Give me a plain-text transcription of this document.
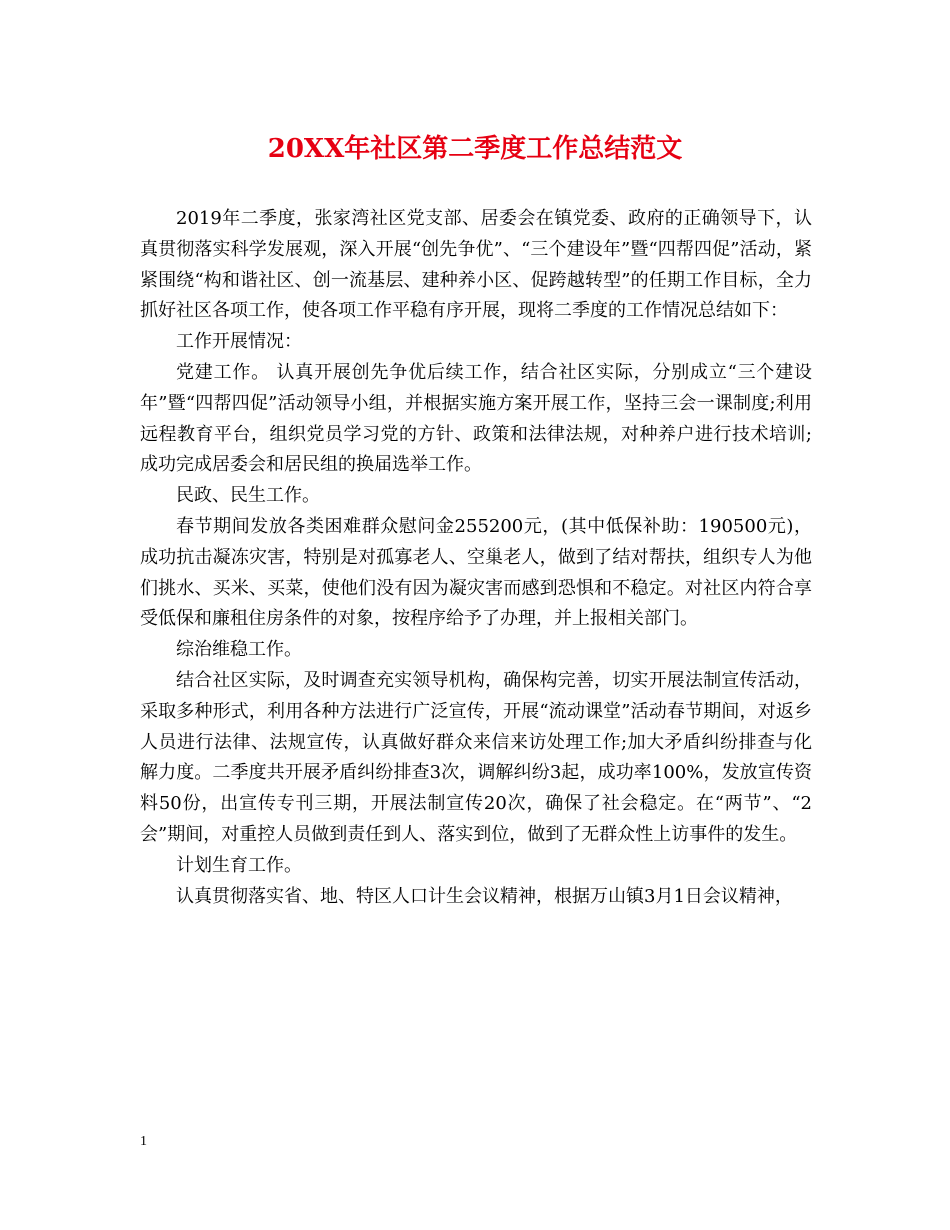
20XX年社区第二季度工作总结范文

2019年二季度，张家湾社区党支部、居委会在镇党委、政府的正确领导下，认真贯彻落实科学发展观，深入开展“创先争优”、“三个建设年”暨“四帮四促”活动，紧紧围绕“构和谐社区、创一流基层、建种养小区、促跨越转型”的任期工作目标，全力抓好社区各项工作，使各项工作平稳有序开展，现将二季度的工作情况总结如下：

工作开展情况：

党建工作。 认真开展创先争优后续工作，结合社区实际，分别成立“三个建设年”暨“四帮四促”活动领导小组，并根据实施方案开展工作，坚持三会一课制度;利用远程教育平台，组织党员学习党的方针、政策和法律法规，对种养户进行技术培训;成功完成居委会和居民组的换届选举工作。

民政、民生工作。

春节期间发放各类困难群众慰问金255200元，(其中低保补助：190500元)，成功抗击凝冻灾害，特别是对孤寡老人、空巢老人，做到了结对帮扶，组织专人为他们挑水、买米、买菜，使他们没有因为凝灾害而感到恐惧和不稳定。对社区内符合享受低保和廉租住房条件的对象，按程序给予了办理，并上报相关部门。

综治维稳工作。

结合社区实际，及时调查充实领导机构，确保构完善，切实开展法制宣传活动，采取多种形式，利用各种方法进行广泛宣传，开展“流动课堂”活动春节期间，对返乡人员进行法律、法规宣传，认真做好群众来信来访处理工作;加大矛盾纠纷排查与化解力度。二季度共开展矛盾纠纷排查3次，调解纠纷3起，成功率100%，发放宣传资料50份，出宣传专刊三期，开展法制宣传20次，确保了社会稳定。在“两节”、“2会”期间，对重控人员做到责任到人、落实到位，做到了无群众性上访事件的发生。

计划生育工作。

认真贯彻落实省、地、特区人口计生会议精神，根据万山镇3月1日会议精神，

1
